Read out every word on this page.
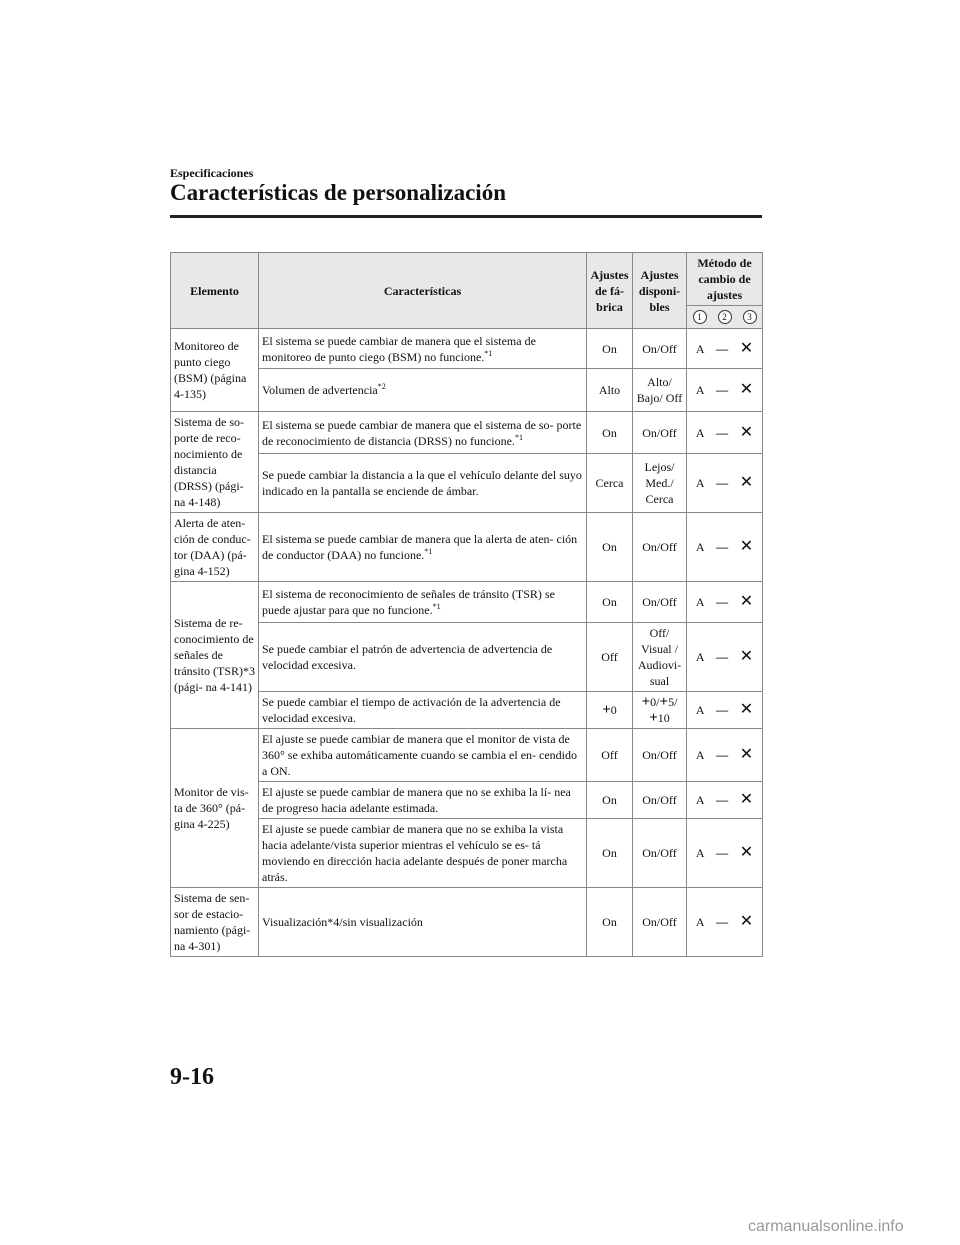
Especificaciones
Características de personalización
Elemento	Características	Ajustes de fá- brica	Ajustes disponi- bles	Método de cambio de ajustes

				1 2 3

Monitoreo de punto ciego (BSM) (página 4-135)	El sistema se puede cambiar de manera que el sistema de monitoreo de punto ciego (BSM) no funcione.$^{*1}$	On	On/Off	A — ✕

	Volumen de advertencia$^{*2}$	Alto	Alto/ Bajo/ Off	A — ✕

Sistema de so- porte de reco- nocimiento de distancia (DRSS) (pági- na 4-148)	El sistema se puede cambiar de manera que el sistema de so- porte de reconocimiento de distancia (DRSS) no funcione.$^{*1}$	On	On/Off	A — ✕

	Se puede cambiar la distancia a la que el vehículo delante del suyo indicado en la pantalla se enciende de ámbar.	Cerca	Lejos/ Med./ Cerca	A — ✕

Alerta de aten- ción de conduc- tor (DAA) (pá- gina 4-152)	El sistema se puede cambiar de manera que la alerta de aten- ción de conductor (DAA) no funcione.$^{*1}$	On	On/Off	A — ✕

Sistema de re- conocimiento de señales de tránsito (TSR)*3 (pági- na 4-141)	El sistema de reconocimiento de señales de tránsito (TSR) se puede ajustar para que no funcione.$^{*1}$	On	On/Off	A — ✕

	Se puede cambiar el patrón de advertencia de advertencia de velocidad excesiva.	Off	Off/ Visual / Audiovi- sual	A — ✕

	Se puede cambiar el tiempo de activación de la advertencia de velocidad excesiva.	+0	+0/+5/ +10	A — ✕

Monitor de vis- ta de 360° (pá- gina 4-225)	El ajuste se puede cambiar de manera que el monitor de vista de 360° se exhiba automáticamente cuando se cambia el en- cendido a ON.	Off	On/Off	A — ✕

	El ajuste se puede cambiar de manera que no se exhiba la lí- nea de progreso hacia adelante estimada.	On	On/Off	A — ✕

	El ajuste se puede cambiar de manera que no se exhiba la vista hacia adelante/vista superior mientras el vehículo se es- tá moviendo en dirección hacia adelante después de poner marcha atrás.	On	On/Off	A — ✕

Sistema de sen- sor de estacio- namiento (pági- na 4-301)	Visualización*4/sin visualización	On	On/Off	A — ✕
9-16
carmanualsonline.info
